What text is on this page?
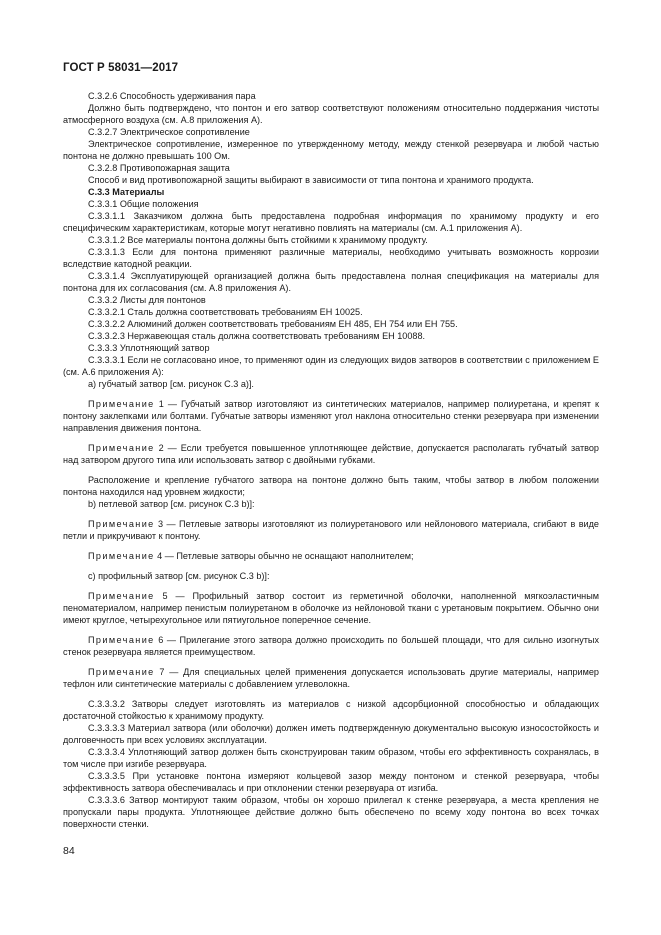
ГОСТ Р 58031—2017

С.3.2.6 Способность удерживания пара

Должно быть подтверждено, что понтон и его затвор соответствуют положениям относительно поддержания чистоты атмосферного воздуха (см. А.8 приложения А).

С.3.2.7 Электрическое сопротивление

Электрическое сопротивление, измеренное по утвержденному методу, между стенкой резервуара и любой частью понтона не должно превышать 100 Ом.

С.3.2.8 Противопожарная защита

Способ и вид противопожарной защиты выбирают в зависимости от типа понтона и хранимого продукта.

С.3.3 Материалы

С.3.3.1 Общие положения

С.3.3.1.1 Заказчиком должна быть предоставлена подробная информация по хранимому продукту и его специфическим характеристикам, которые могут негативно повлиять на материалы (см. А.1 приложения А).

С.3.3.1.2 Все материалы понтона должны быть стойкими к хранимому продукту.

С.3.3.1.3 Если для понтона применяют различные материалы, необходимо учитывать возможность коррозии вследствие катодной реакции.

С.3.3.1.4 Эксплуатирующей организацией должна быть предоставлена полная спецификация на материалы для понтона для их согласования (см. А.8 приложения А).

С.3.3.2 Листы для понтонов

С.3.3.2.1 Сталь должна соответствовать требованиям ЕН 10025.

С.3.3.2.2 Алюминий должен соответствовать требованиям ЕН 485, ЕН 754 или ЕН 755.

С.3.3.2.3 Нержавеющая сталь должна соответствовать требованиям ЕН 10088.

С.3.3.3 Уплотняющий затвор

С.3.3.3.1 Если не согласовано иное, то применяют один из следующих видов затворов в соответствии с приложением Е (см. А.6 приложения А):

а) губчатый затвор [см. рисунок С.3 а)].

Примечание 1 — Губчатый затвор изготовляют из синтетических материалов, например полиуретана, и крепят к понтону заклепками или болтами. Губчатые затворы изменяют угол наклона относительно стенки резервуара при изменении направления движения понтона.

Примечание 2 — Если требуется повышенное уплотняющее действие, допускается располагать губчатый затвор над затвором другого типа или использовать затвор с двойными губками.

Расположение и крепление губчатого затвора на понтоне должно быть таким, чтобы затвор в любом положении понтона находился над уровнем жидкости;

b) петлевой затвор [см. рисунок С.3 b)]:

Примечание 3 — Петлевые затворы изготовляют из полиуретанового или нейлонового материала, сгибают в виде петли и прикручивают к понтону.

Примечание 4 — Петлевые затворы обычно не оснащают наполнителем;

с) профильный затвор [см. рисунок С.3 b)]:

Примечание 5 — Профильный затвор состоит из герметичной оболочки, наполненной мягкоэластичным пеноматериалом, например пенистым полиуретаном в оболочке из нейлоновой ткани с уретановым покрытием. Обычно они имеют круглое, четырехугольное или пятиугольное поперечное сечение.

Примечание 6 — Прилегание этого затвора должно происходить по большей площади, что для сильно изогнутых стенок резервуара является преимуществом.

Примечание 7 — Для специальных целей применения допускается использовать другие материалы, например тефлон или синтетические материалы с добавлением углеволокна.

С.3.3.3.2 Затворы следует изготовлять из материалов с низкой адсорбционной способностью и обладающих достаточной стойкостью к хранимому продукту.

С.3.3.3.3 Материал затвора (или оболочки) должен иметь подтвержденную документально высокую износостойкость и долговечность при всех условиях эксплуатации.

С.3.3.3.4 Уплотняющий затвор должен быть сконструирован таким образом, чтобы его эффективность сохранялась, в том числе при изгибе резервуара.

С.3.3.3.5 При установке понтона измеряют кольцевой зазор между понтоном и стенкой резервуара, чтобы эффективность затвора обеспечивалась и при отклонении стенки резервуара от изгиба.

С.3.3.3.6 Затвор монтируют таким образом, чтобы он хорошо прилегал к стенке резервуара, а места крепления не пропускали пары продукта. Уплотняющее действие должно быть обеспечено по всему ходу понтона во всех точках поверхности стенки.

84
